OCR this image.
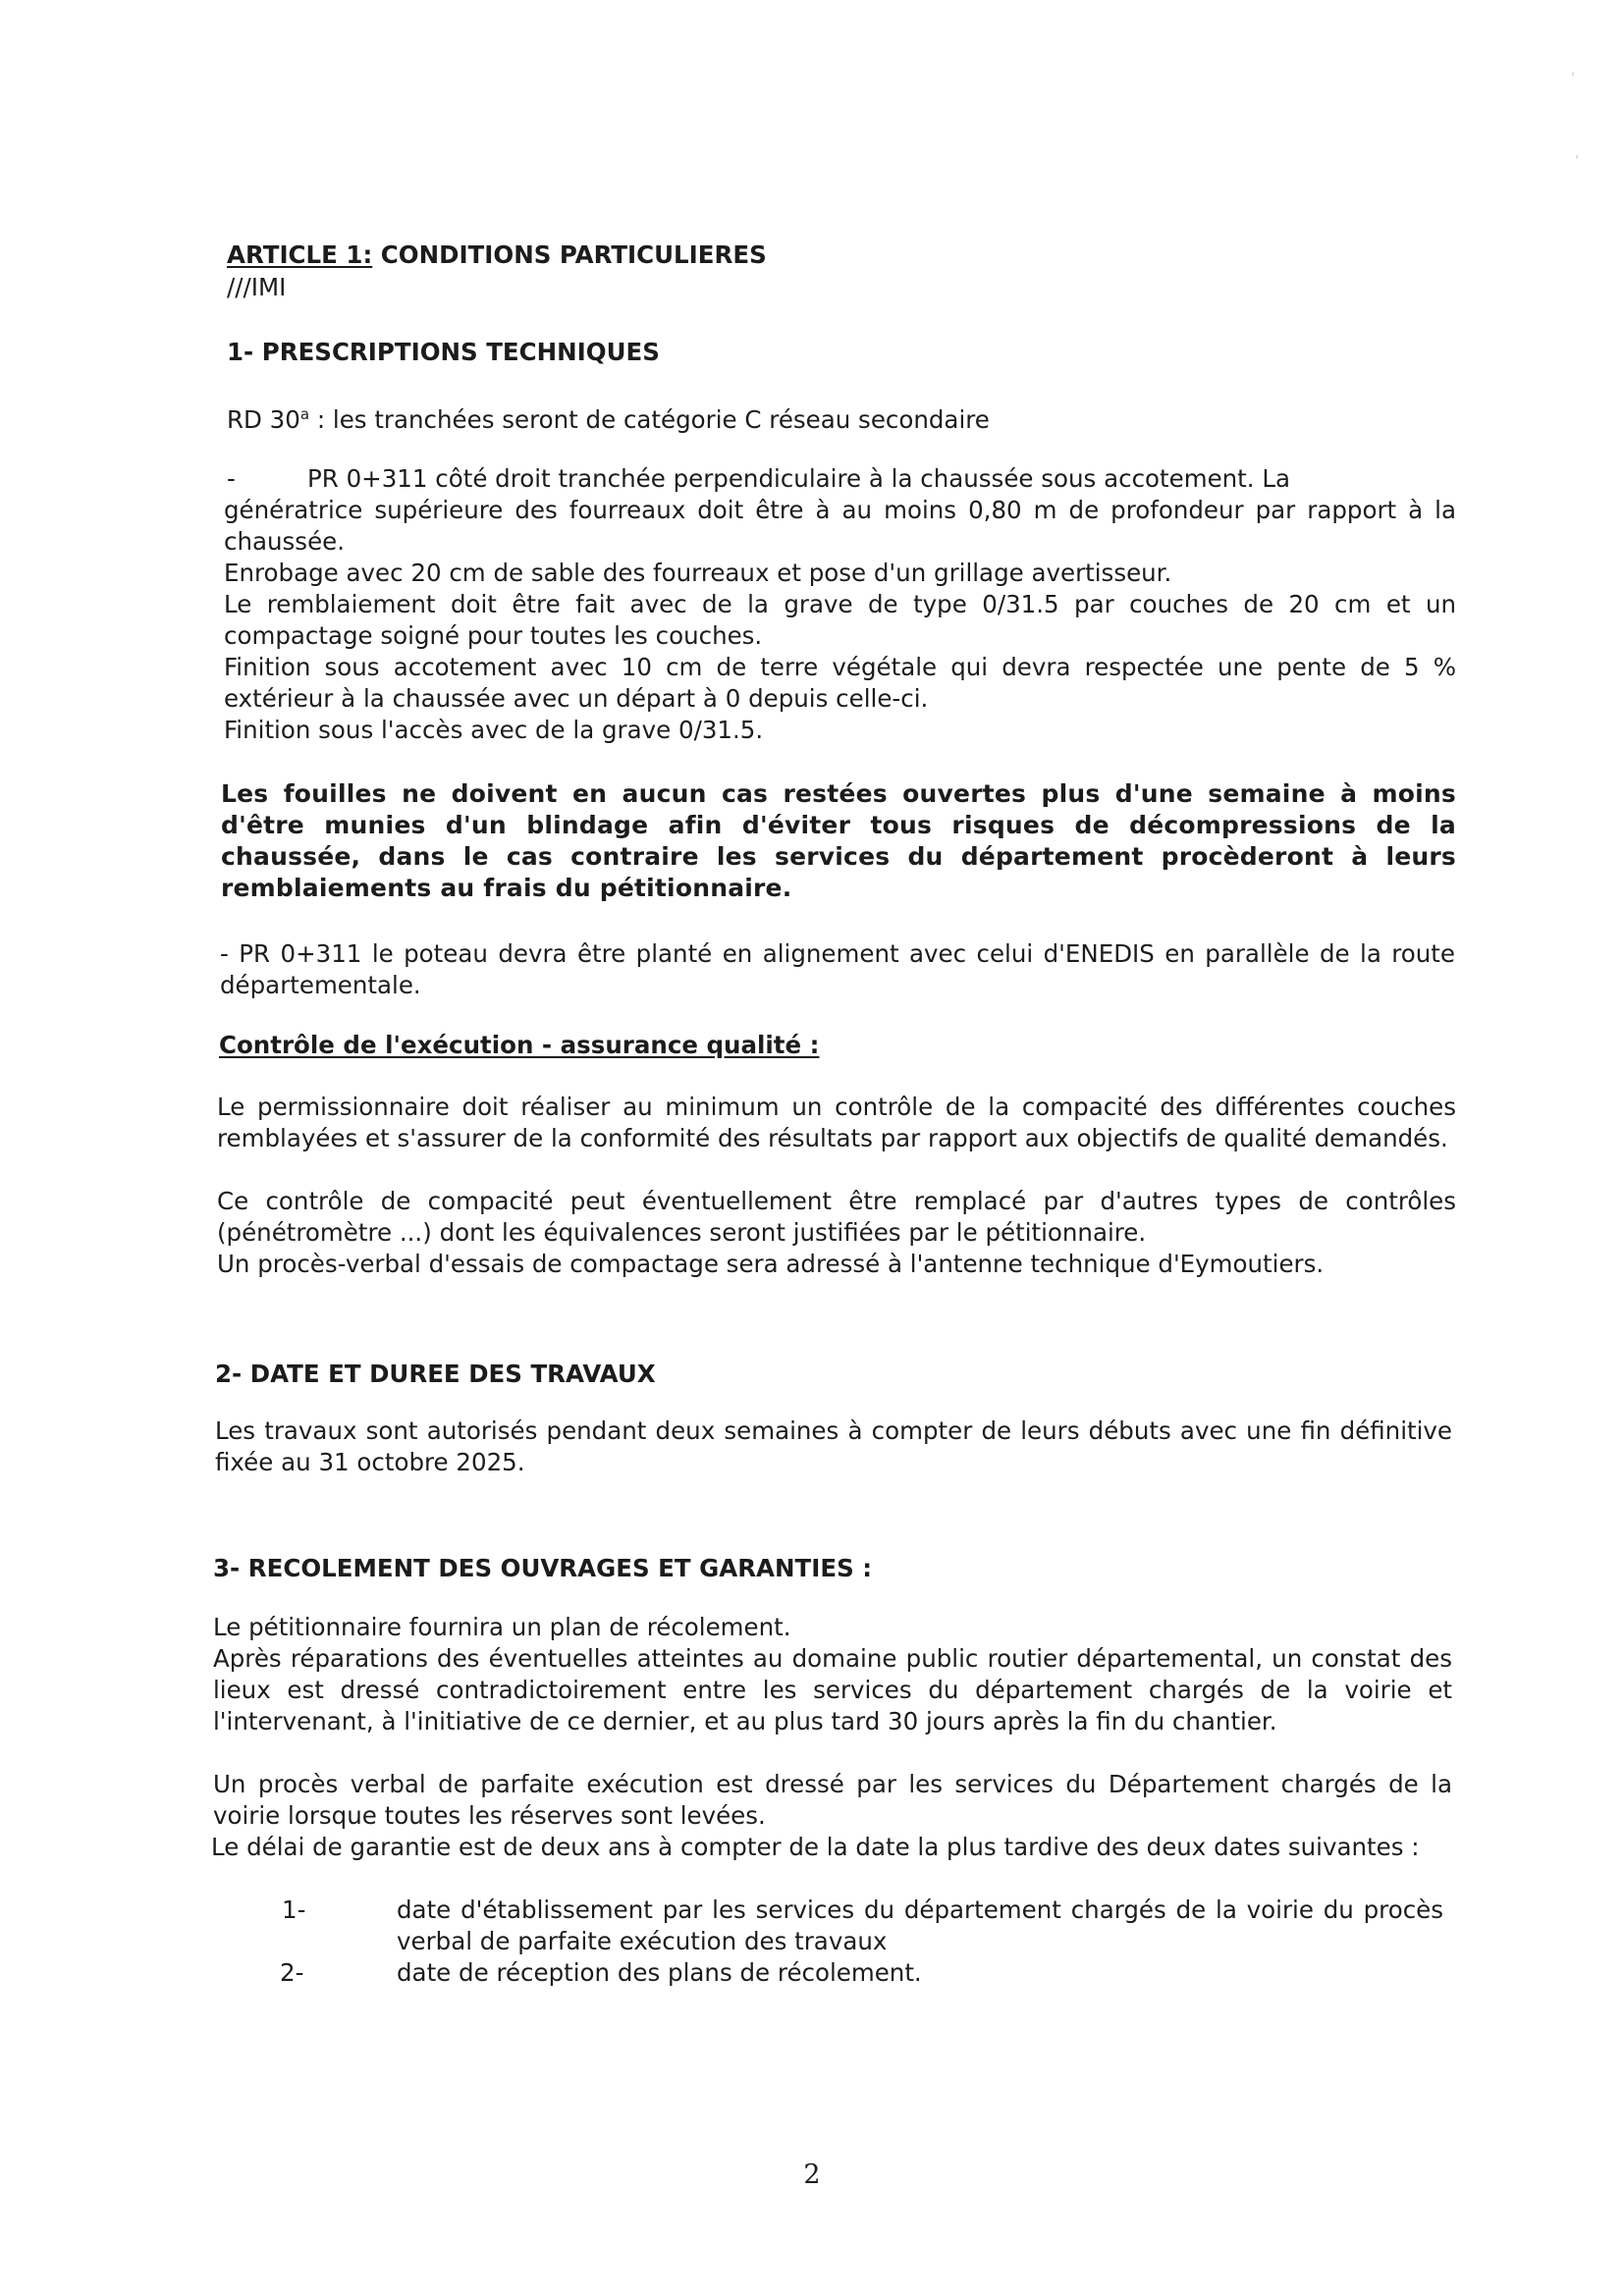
'
,

ARTICLE 1: CONDITIONS PARTICULIERES

///IMI

1- PRESCRIPTIONS TECHNIQUES

RD 30$^a$ : les tranchées seront de catégorie C réseau secondaire

-	PR 0+311 côté droit tranchée perpendiculaire à la chaussée sous accotement. La

génératrice supérieure des fourreaux doit être à au moins 0,80 m de profondeur par rapport à la chaussée.

Enrobage avec 20 cm de sable des fourreaux et pose d'un grillage avertisseur.

Le remblaiement doit être fait avec de la grave de type 0/31.5 par couches de 20 cm et un compactage soigné pour toutes les couches.

Finition sous accotement avec 10 cm de terre végétale qui devra respectée une pente de 5 % extérieur à la chaussée avec un départ à 0 depuis celle-ci.

Finition sous l'accès avec de la grave 0/31.5.

Les fouilles ne doivent en aucun cas restées ouvertes plus d'une semaine à moins d'être munies d'un blindage afin d'éviter tous risques de décompressions de la chaussée, dans le cas contraire les services du département procèderont à leurs remblaiements au frais du pétitionnaire.

- PR 0+311 le poteau devra être planté en alignement avec celui d'ENEDIS en parallèle de la route départementale.

Contrôle de l'exécution - assurance qualité :

Le permissionnaire doit réaliser au minimum un contrôle de la compacité des différentes couches remblayées et s'assurer de la conformité des résultats par rapport aux objectifs de qualité demandés.

Ce contrôle de compacité peut éventuellement être remplacé par d'autres types de contrôles (pénétromètre ...) dont les équivalences seront justifiées par le pétitionnaire.

Un procès-verbal d'essais de compactage sera adressé à l'antenne technique d'Eymoutiers.

2- DATE ET DUREE DES TRAVAUX

Les travaux sont autorisés pendant deux semaines à compter de leurs débuts avec une fin définitive fixée au 31 octobre 2025.

3- RECOLEMENT DES OUVRAGES ET GARANTIES :

Le pétitionnaire fournira un plan de récolement.

Après réparations des éventuelles atteintes au domaine public routier départemental, un constat des lieux est dressé contradictoirement entre les services du département chargés de la voirie et l'intervenant, à l'initiative de ce dernier, et au plus tard 30 jours après la fin du chantier.

Un procès verbal de parfaite exécution est dressé par les services du Département chargés de la voirie lorsque toutes les réserves sont levées.

Le délai de garantie est de deux ans à compter de la date la plus tardive des deux dates suivantes :

1-	date d'établissement par les services du département chargés de la voirie du procès verbal de parfaite exécution des travaux

2-	date de réception des plans de récolement.

2
